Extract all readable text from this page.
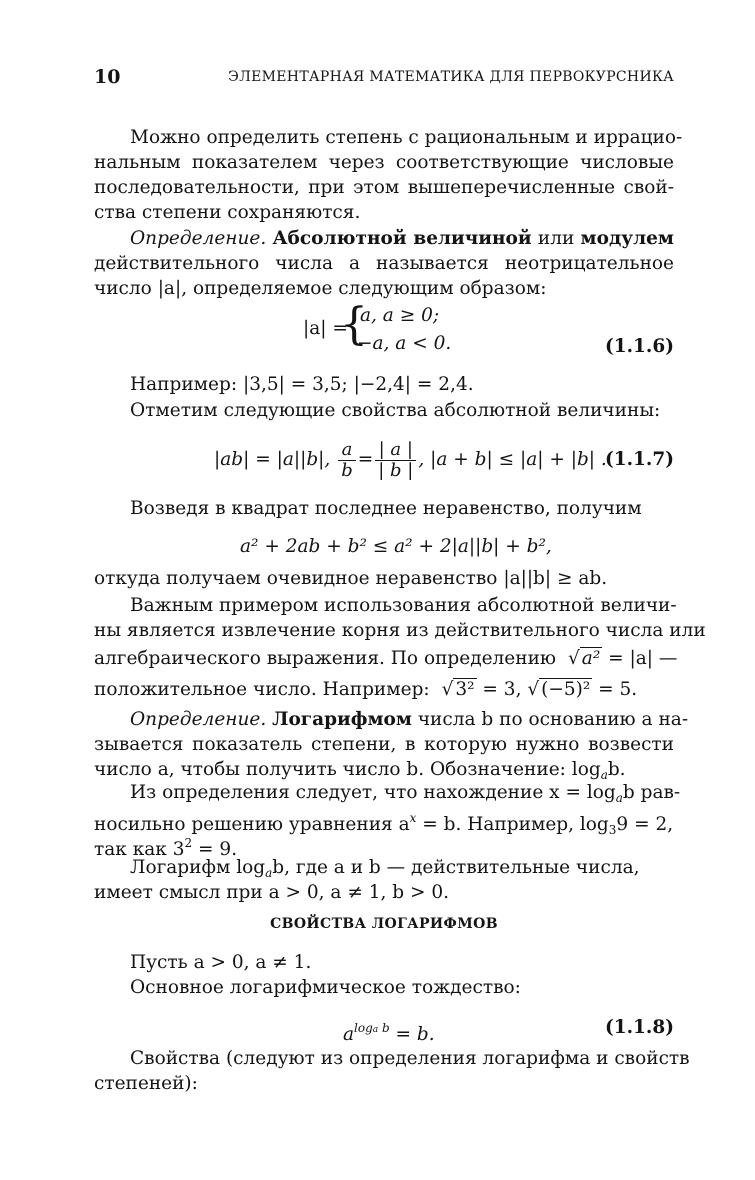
10	ЭЛЕМЕНТАРНАЯ МАТЕМАТИКА ДЛЯ ПЕРВОКУРСНИКА
Можно определить степень с рациональным и иррацио-
нальным показателем через соответствующие числовые
последовательности, при этом вышеперечисленные свой-
ства степени сохраняются.
Определение. Абсолютной величиной или модулем
действительного числа a называется неотрицательное
число |a|, определяемое следующим образом:
|a| =
{
a, a ≥ 0;
−a, a < 0.	(1.1.6)
Например: |3,5| = 3,5; |−2,4| = 2,4.
Отметим следующие свойства абсолютной величины:
|ab| = |a||b|, $\frac{a}{b} = \frac{| a |}{| b |}$ , |a + b| ≤ |a| + |b| .
(1.1.7)
Возведя в квадрат последнее неравенство, получим
a² + 2ab + b² ≤ a² + 2|a||b| + b²,
откуда получаем очевидное неравенство |a||b| ≥ ab.
Важным примером использования абсолютной величи-
ны является извлечение корня из действительного числа или
алгебраического выражения. По определению √ a² = |a| —
положительное число. Например: √ 3² = 3, √ (−5)² = 5.
Определение. Логарифмом числа b по основанию a на-
зывается показатель степени, в которую нужно возвести
число a, чтобы получить число b. Обозначение: $\log_ab$.
Из определения следует, что нахождение $x = \log_ab$ рав-
носильно решению уравнения $a^x = b$. Например, $\log_39 = 2$,
так как $3^2 = 9$.
Логарифм $\log_ab$, где a и b — действительные числа,
имеет смысл при a > 0, a ≠ 1, b > 0.
СВОЙСТВА ЛОГАРИФМОВ
Пусть a > 0, a ≠ 1.
Основное логарифмическое тождество:
$a^{loga b} = b$.	(1.1.8)
Свойства (следуют из определения логарифма и свойств
степеней):
